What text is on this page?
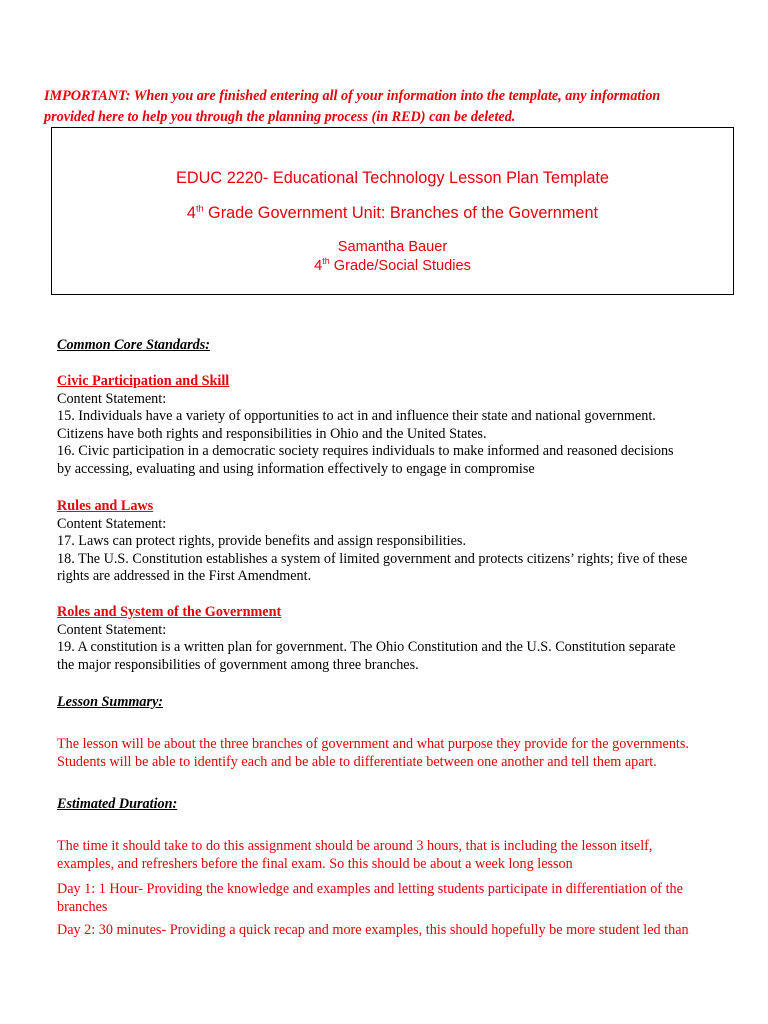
IMPORTANT: When you are finished entering all of your information into the template, any information
provided here to help you through the planning process (in RED) can be deleted.
EDUC 2220- Educational Technology Lesson Plan Template
4th Grade Government Unit: Branches of the Government
Samantha Bauer
4th Grade/Social Studies
Common Core Standards:
Civic Participation and Skill
Content Statement:
15. Individuals have a variety of opportunities to act in and influence their state and national government.
Citizens have both rights and responsibilities in Ohio and the United States.
16. Civic participation in a democratic society requires individuals to make informed and reasoned decisions
by accessing, evaluating and using information effectively to engage in compromise
Rules and Laws
Content Statement:
17. Laws can protect rights, provide benefits and assign responsibilities.
18. The U.S. Constitution establishes a system of limited government and protects citizens’ rights; five of these
rights are addressed in the First Amendment.
Roles and System of the Government
Content Statement:
19. A constitution is a written plan for government. The Ohio Constitution and the U.S. Constitution separate
the major responsibilities of government among three branches.
Lesson Summary:
The lesson will be about the three branches of government and what purpose they provide for the governments.
Students will be able to identify each and be able to differentiate between one another and tell them apart.
Estimated Duration:
The time it should take to do this assignment should be around 3 hours, that is including the lesson itself,
examples, and refreshers before the final exam. So this should be about a week long lesson
Day 1: 1 Hour- Providing the knowledge and examples and letting students participate in differentiation of the
branches
Day 2: 30 minutes- Providing a quick recap and more examples, this should hopefully be more student led than
